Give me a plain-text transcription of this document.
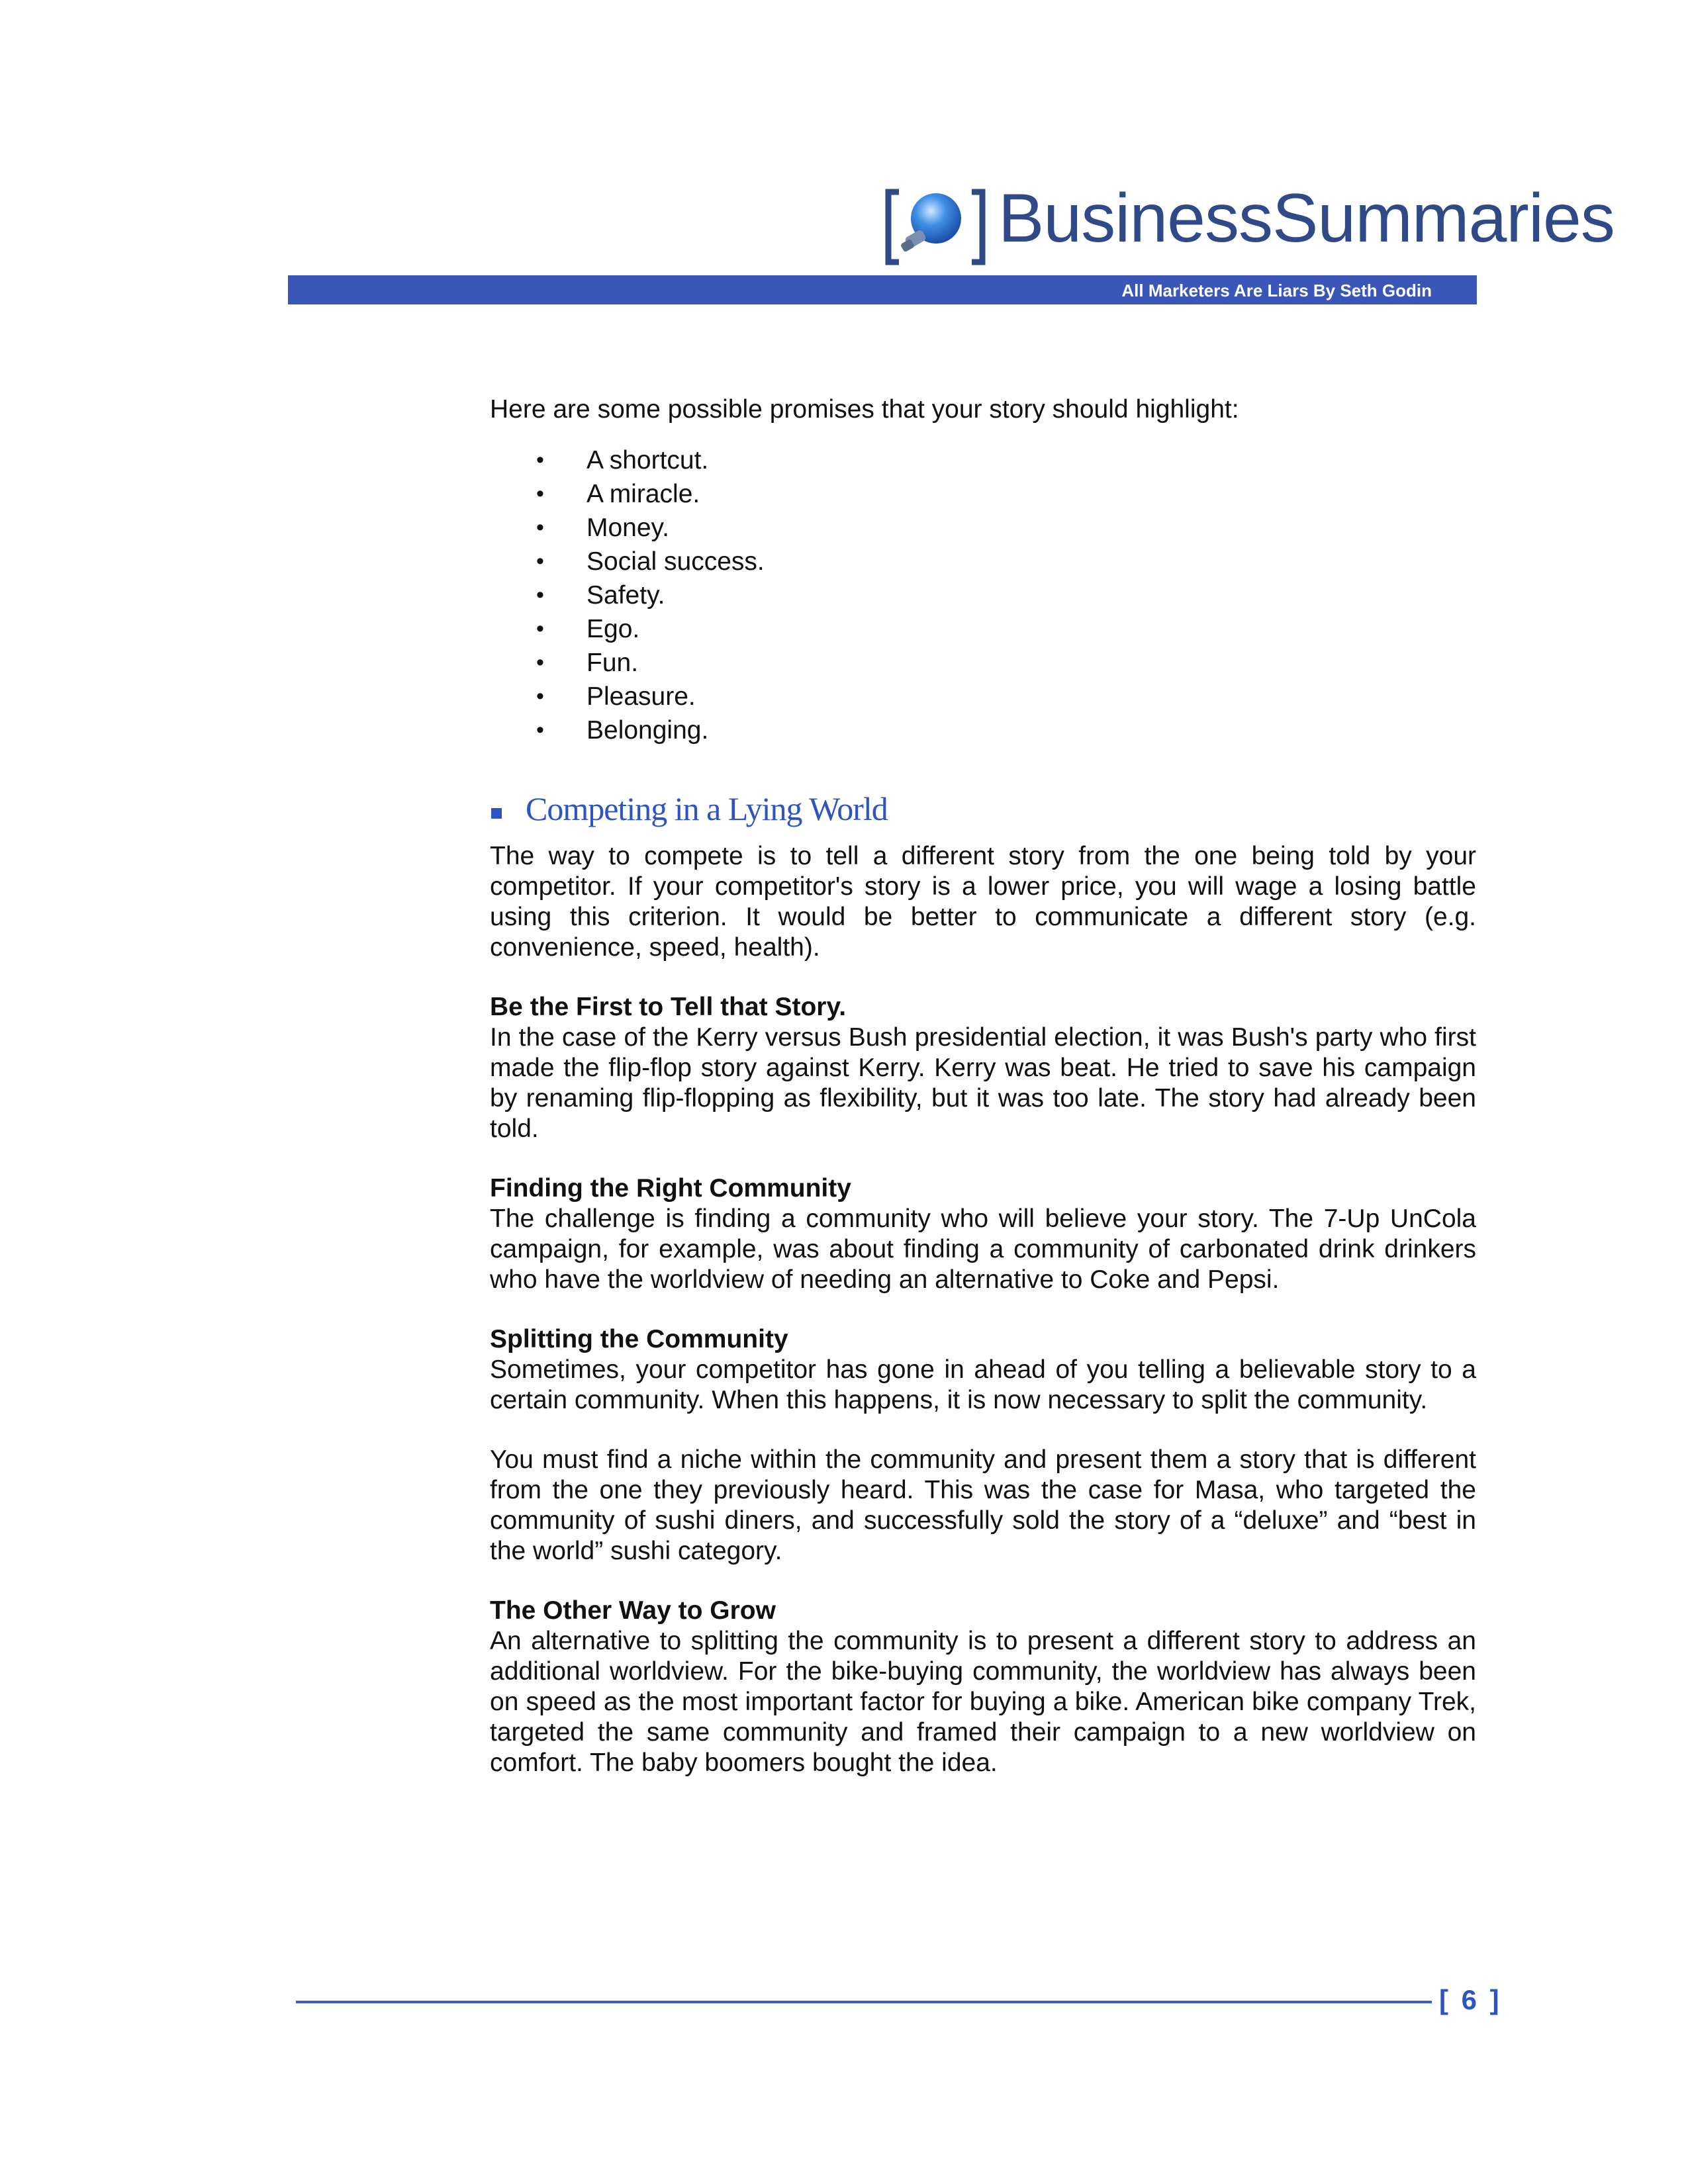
BusinessSummaries
All Marketers Are Liars By Seth Godin

Here are some possible promises that your story should highlight:

• A shortcut.
• A miracle.
• Money.
• Social success.
• Safety.
• Ego.
• Fun.
• Pleasure.
• Belonging.
Competing in a Lying World

The way to compete is to tell a different story from the one being told by your competitor. If your competitor's story is a lower price, you will wage a losing battle using this criterion. It would be better to communicate a different story (e.g. convenience, speed, health).

Be the First to Tell that Story.

In the case of the Kerry versus Bush presidential election, it was Bush's party who first made the flip-flop story against Kerry. Kerry was beat. He tried to save his campaign by renaming flip-flopping as flexibility, but it was too late. The story had already been told.

Finding the Right Community

The challenge is finding a community who will believe your story. The 7-Up UnCola campaign, for example, was about finding a community of carbonated drink drinkers who have the worldview of needing an alternative to Coke and Pepsi.

Splitting the Community

Sometimes, your competitor has gone in ahead of you telling a believable story to a certain community. When this happens, it is now necessary to split the community.

You must find a niche within the community and present them a story that is different from the one they previously heard. This was the case for Masa, who targeted the community of sushi diners, and successfully sold the story of a “deluxe” and “best in the world” sushi category.

The Other Way to Grow

An alternative to splitting the community is to present a different story to address an additional worldview. For the bike-buying community, the worldview has always been on speed as the most important factor for buying a bike. American bike company Trek, targeted the same community and framed their campaign to a new worldview on comfort. The baby boomers bought the idea.

[ 6 ]
